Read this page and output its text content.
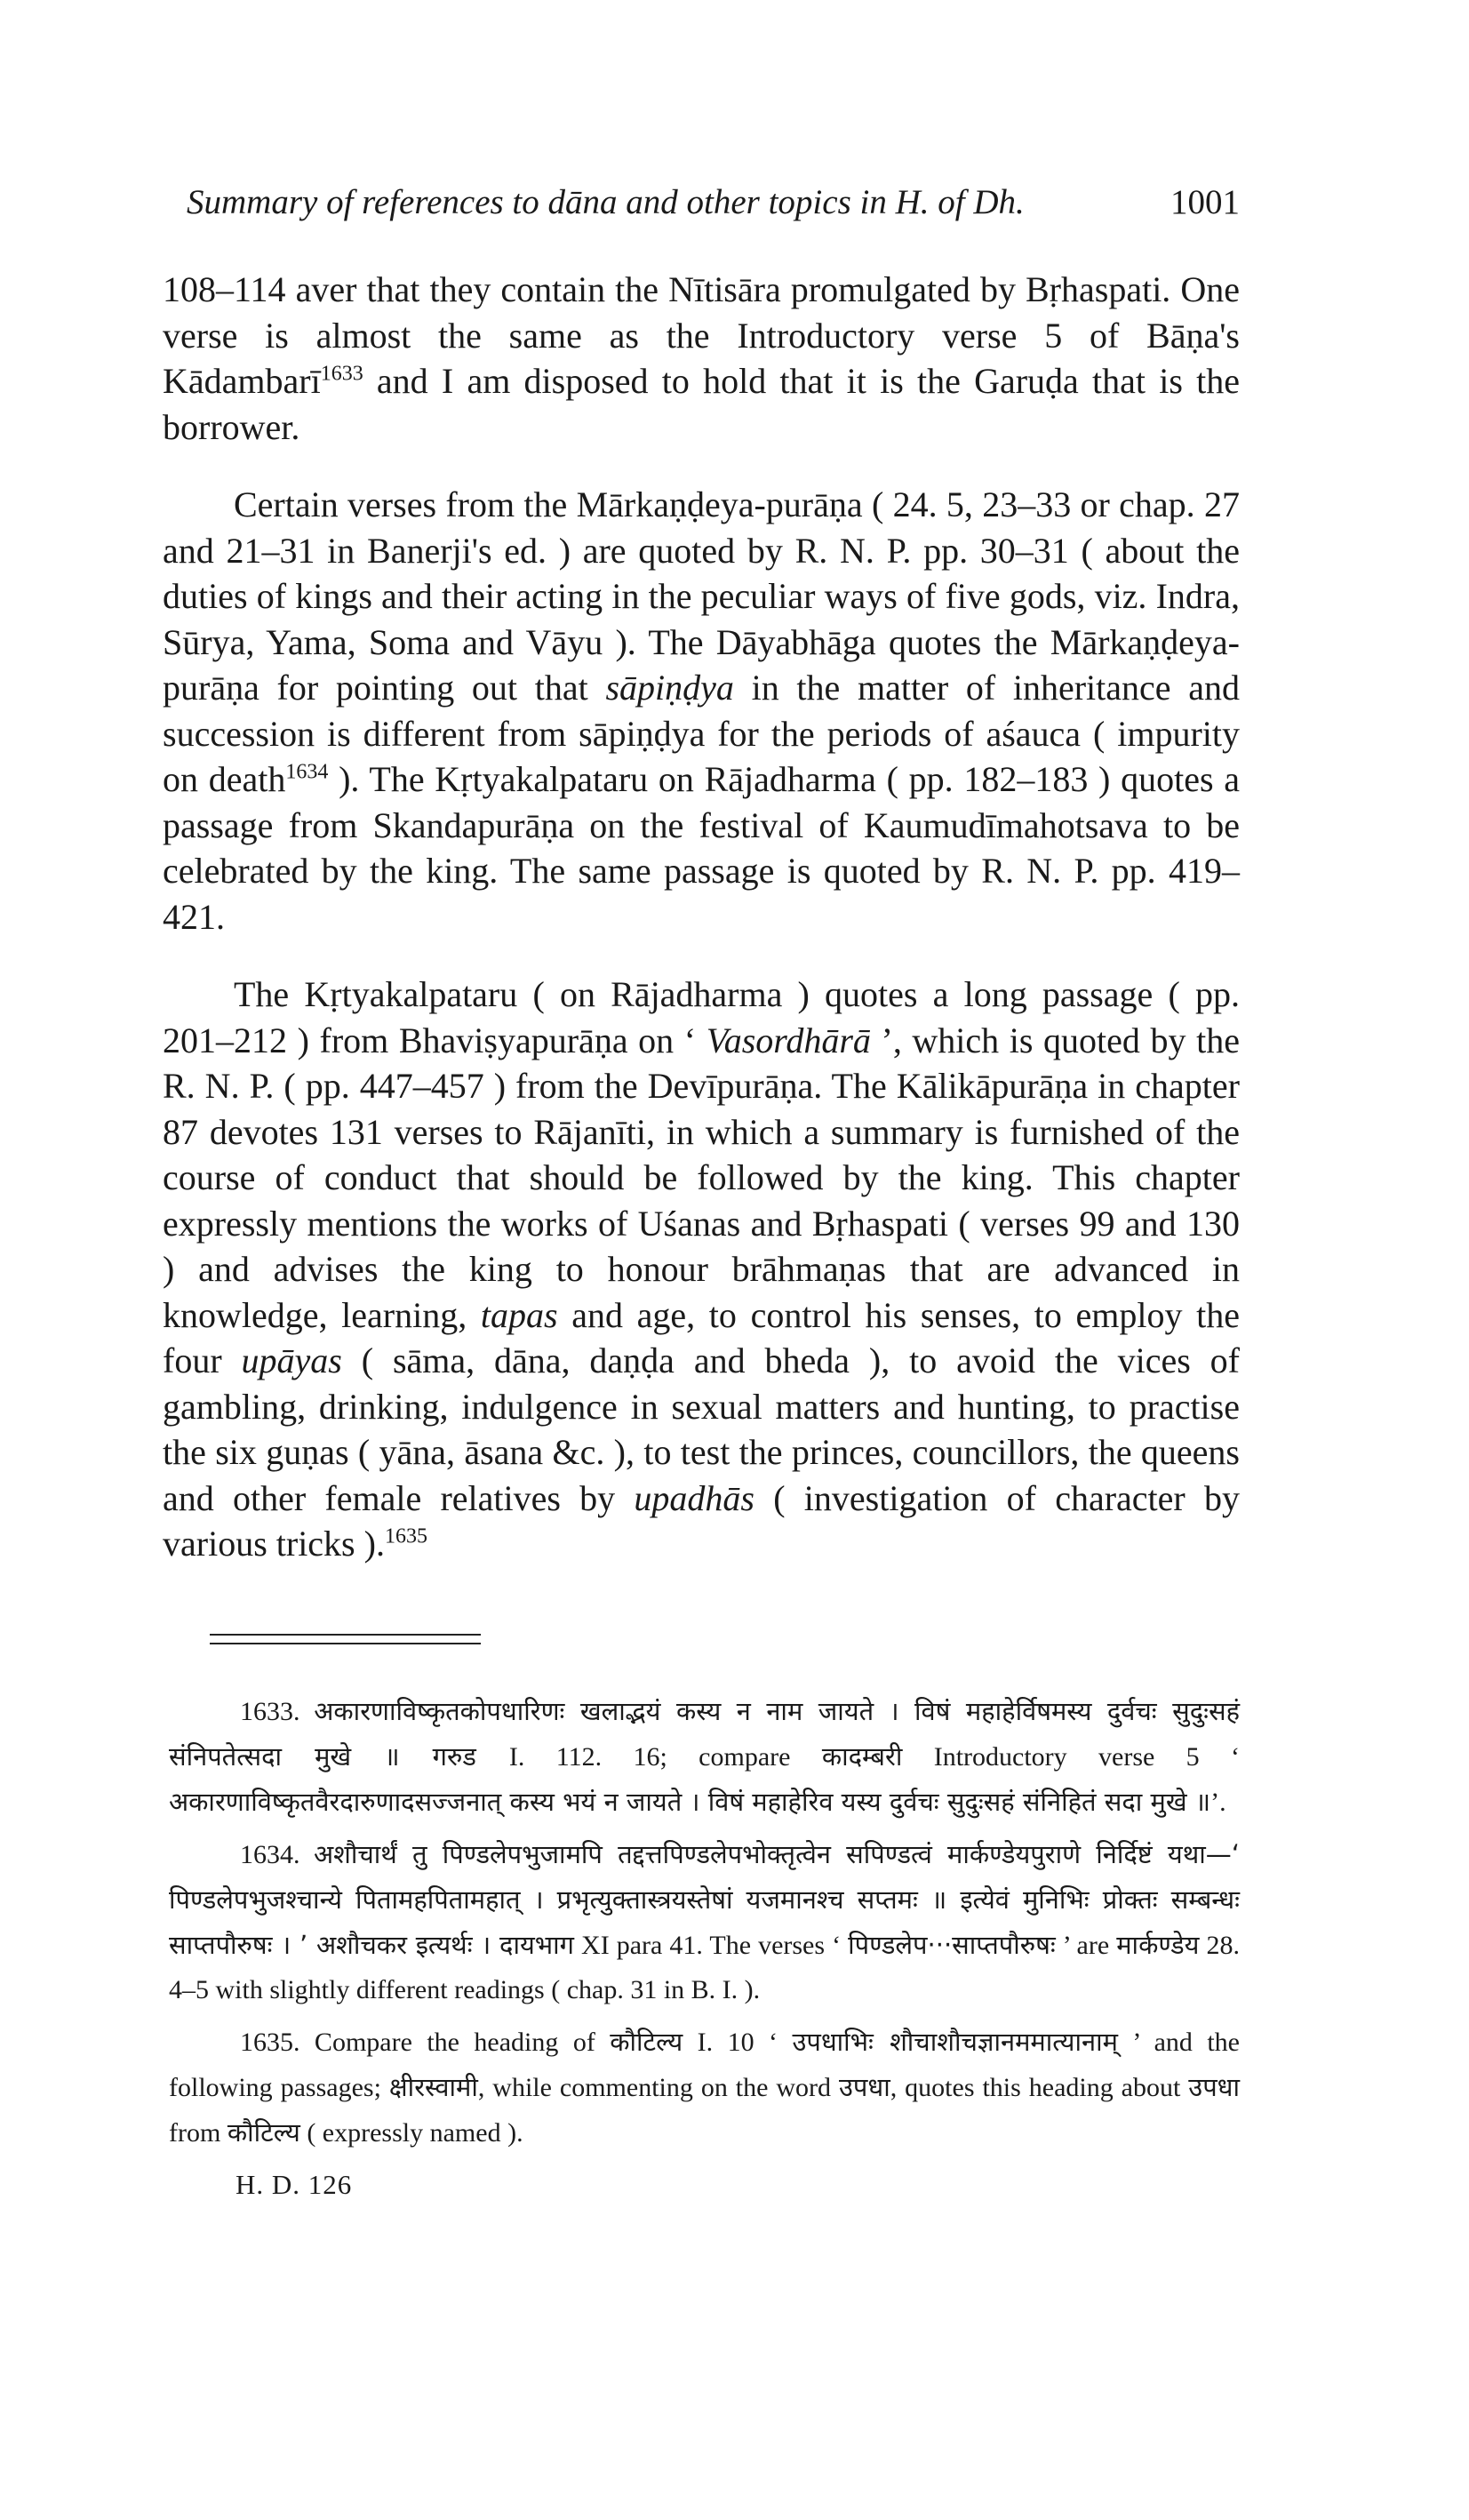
Summary of references to dāna and other topics in H. of Dh.	1001

108–114 aver that they contain the Nītisāra promulgated by Bṛhaspati. One verse is almost the same as the Introductory verse 5 of Bāṇa's Kādambarī$^{1633}$ and I am disposed to hold that it is the Garuḍa that is the borrower.

Certain verses from the Mārkaṇḍeya-purāṇa ( 24. 5, 23–33 or chap. 27 and 21–31 in Banerji's ed. ) are quoted by R. N. P. pp. 30–31 ( about the duties of kings and their acting in the peculiar ways of five gods, viz. Indra, Sūrya, Yama, Soma and Vāyu ). The Dāyabhāga quotes the Mārkaṇḍeya-purāṇa for pointing out that sāpiṇḍya in the matter of inheritance and succession is different from sāpiṇḍya for the periods of aśauca ( impurity on death$^{1634}$ ). The Kṛtyakalpataru on Rājadharma ( pp. 182–183 ) quotes a passage from Skandapurāṇa on the festival of Kaumudīmahotsava to be celebrated by the king. The same passage is quoted by R. N. P. pp. 419–421.

The Kṛtyakalpataru ( on Rājadharma ) quotes a long passage ( pp. 201–212 ) from Bhaviṣyapurāṇa on ‘ Vasordhārā ’, which is quoted by the R. N. P. ( pp. 447–457 ) from the Devīpurāṇa. The Kālikāpurāṇa in chapter 87 devotes 131 verses to Rājanīti, in which a summary is furnished of the course of conduct that should be followed by the king. This chapter expressly mentions the works of Uśanas and Bṛhaspati ( verses 99 and 130 ) and advises the king to honour brāhmaṇas that are advanced in knowledge, learning, tapas and age, to control his senses, to employ the four upāyas ( sāma, dāna, daṇḍa and bheda ), to avoid the vices of gambling, drinking, indulgence in sexual matters and hunting, to practise the six guṇas ( yāna, āsana &c. ), to test the princes, councillors, the queens and other female relatives by upadhās ( investigation of character by various tricks ).$^{1635}$

1633. अकारणाविष्कृतकोपधारिणः खलाद्भयं कस्य न नाम जायते । विषं महाहेर्विषमस्य दुर्वचः सुदुःसहं संनिपतेत्सदा मुखे ॥ गरुड I. 112. 16; compare कादम्बरी Introductory verse 5 ‘ अकारणाविष्कृतवैरदारुणादसज्जनात् कस्य भयं न जायते । विषं महाहेरिव यस्य दुर्वचः सुदुःसहं संनिहितं सदा मुखे ॥’.

1634. अशौचार्थं तु पिण्डलेपभुजामपि तद्दत्तपिण्डलेपभोक्तृत्वेन सपिण्डत्वं मार्कण्डेयपुराणे निर्दिष्टं यथा—‘ पिण्डलेपभुजश्चान्ये पितामहपितामहात् । प्रभृत्युक्तास्त्रयस्तेषां यजमानश्च सप्तमः ॥ इत्येवं मुनिभिः प्रोक्तः सम्बन्धः साप्तपौरुषः । ’ अशौचकर इत्यर्थः । दायभाग XI para 41. The verses ‘ पिण्डलेप···साप्तपौरुषः ’ are मार्कण्डेय 28. 4–5 with slightly different readings ( chap. 31 in B. I. ).

1635. Compare the heading of कौटिल्य I. 10 ‘ उपधाभिः शौचाशौचज्ञानममात्यानाम् ’ and the following passages; क्षीरस्वामी, while commenting on the word उपधा, quotes this heading about उपधा from कौटिल्य ( expressly named ).

H. D. 126
